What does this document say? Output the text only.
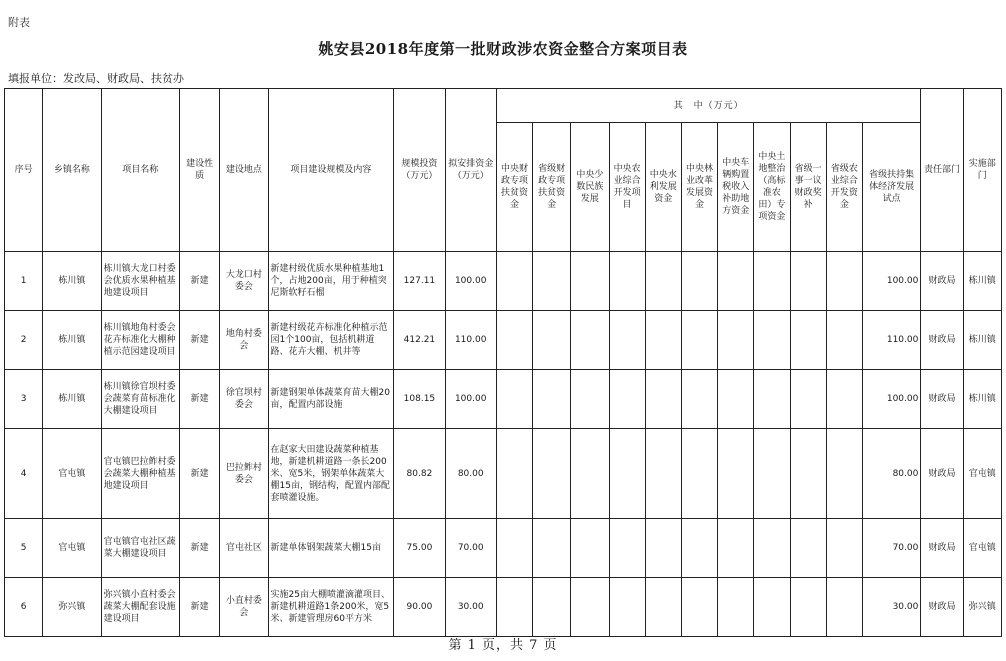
附表
姚安县2018年度第一批财政涉农资金整合方案项目表
填报单位：发改局、财政局、扶贫办
序号	乡镇名称	项目名称	建设性质	建设地点	项目建设规模及内容	规模投资（万元）	拟安排资金（万元）	其　中（万元）											责任部门	实施部门
								中央财政专项扶贫资金	省级财政专项扶贫资金	中央少数民族发展	中央农业综合开发项目	中央水利发展资金	中央林业改革发展资金	中央车辆购置税收入补助地方资金	中央土地整治（高标准农田）专项资金	省级一事一议财政奖补	省级农业综合开发资金	省级扶持集体经济发展试点		
1	栋川镇	栋川镇大龙口村委会优质水果种植基地建设项目	新建	大龙口村委会	新建村级优质水果种植基地1个，占地200亩，用于种植突尼斯软籽石榴	127.11	100.00											100.00	财政局	栋川镇
2	栋川镇	栋川镇地角村委会花卉标准化大棚种植示范园建设项目	新建	地角村委会	新建村级花卉标准化种植示范园1个100亩，包括机耕道路、花卉大棚、机井等	412.21	110.00											110.00	财政局	栋川镇
3	栋川镇	栋川镇徐官坝村委会蔬菜育苗标准化大棚建设项目	新建	徐官坝村委会	新建钢架单体蔬菜育苗大棚20亩，配置内部设施	108.15	100.00											100.00	财政局	栋川镇
4	官屯镇	官屯镇巴拉鲊村委会蔬菜大棚种植基地建设项目	新建	巴拉鲊村委会	在赵家大田建设蔬菜种植基地，新建机耕道路一条长200米、宽5米，钢架单体蔬菜大棚15亩，钢结构，配置内部配套喷灌设施。	80.82	80.00											80.00	财政局	官屯镇
5	官屯镇	官屯镇官屯社区蔬菜大棚建设项目	新建	官屯社区	新建单体钢架蔬菜大棚15亩	75.00	70.00											70.00	财政局	官屯镇
6	弥兴镇	弥兴镇小直村委会蔬菜大棚配套设施建设项目	新建	小直村委会	实施25亩大棚喷灌滴灌项目、新建机耕道路1条200米，宽5米、新建管理房60平方米	90.00	30.00											30.00	财政局	弥兴镇
第 1 页，共 7 页
